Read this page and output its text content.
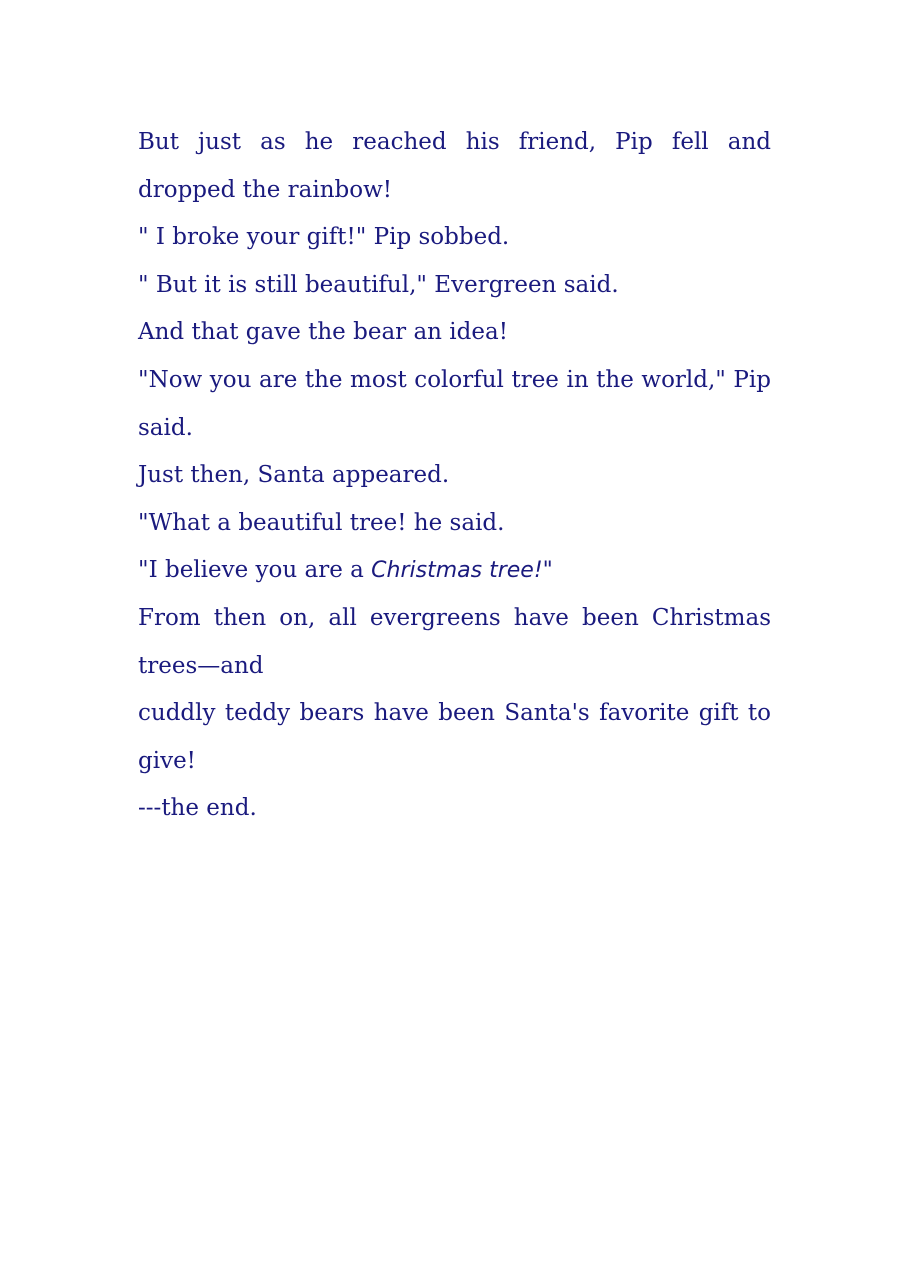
But just as he reached his friend, Pip fell and
dropped the rainbow!
" I broke your gift!" Pip sobbed.
" But it is still beautiful," Evergreen said.
And that gave the bear an idea!
"Now you are the most colorful tree in the world," Pip
said.
Just then, Santa appeared.
"What a beautiful tree! he said.
"I believe you are a Christmas tree!"
From then on, all evergreens have been Christmas
trees—and
cuddly teddy bears have been Santa's favorite gift to
give!
---the end.
